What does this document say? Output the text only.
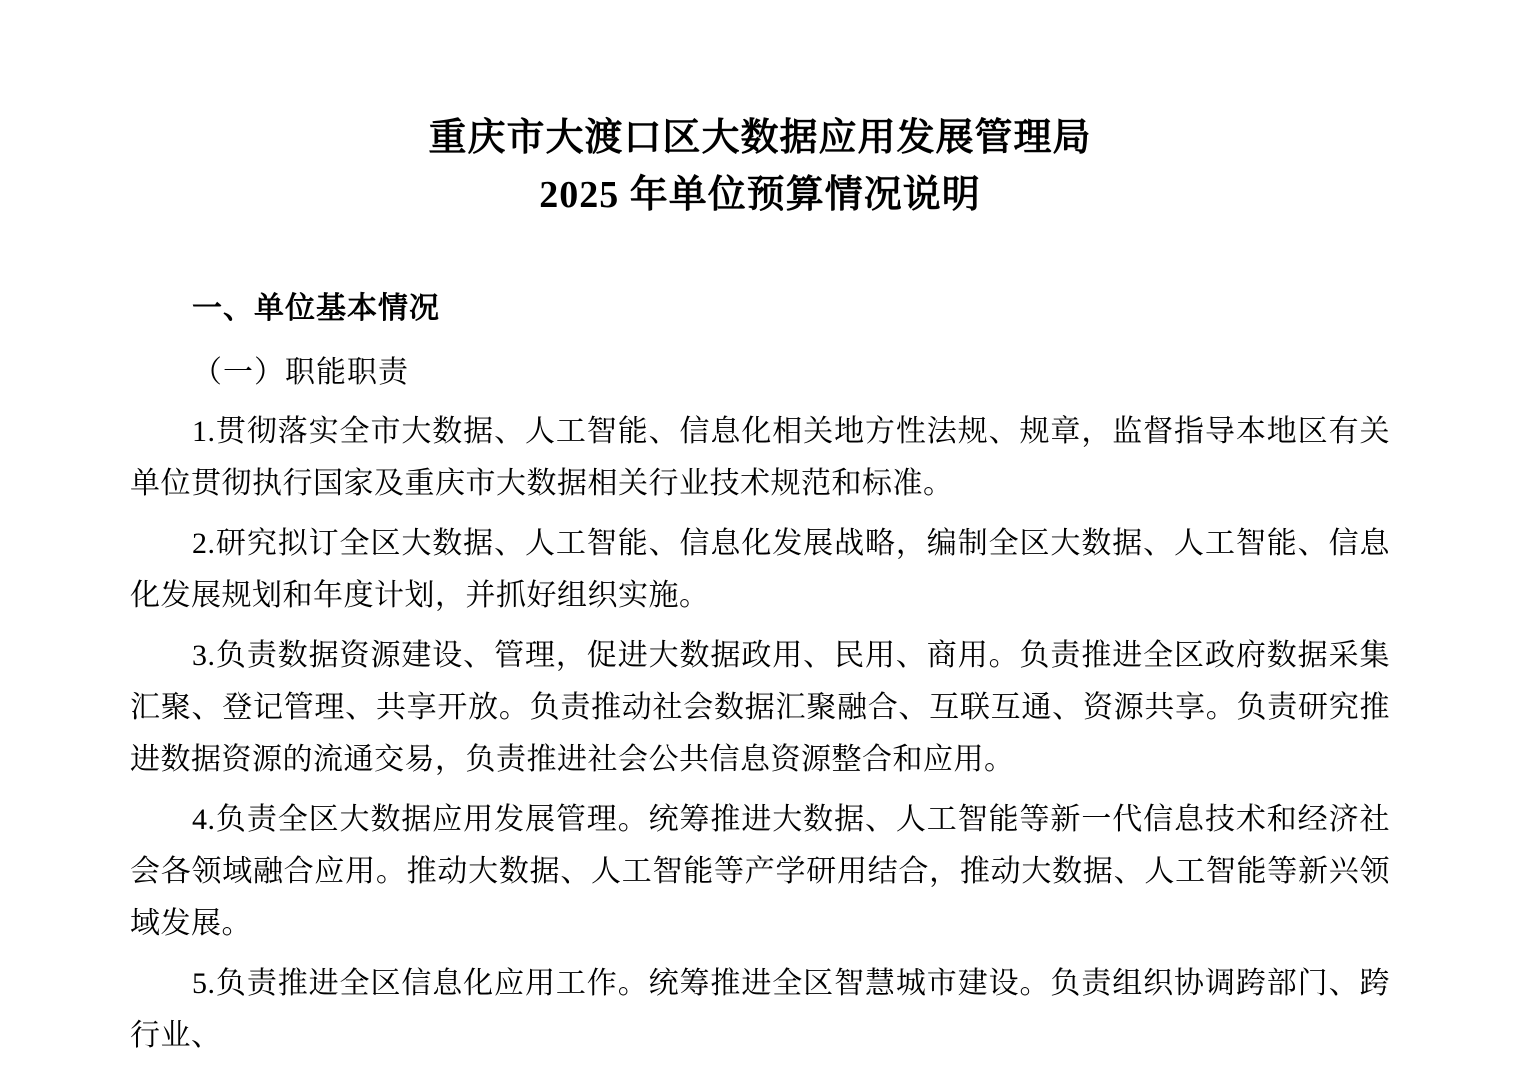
重庆市大渡口区大数据应用发展管理局
2025 年单位预算情况说明
一、单位基本情况
（一）职能职责

1.贯彻落实全市大数据、人工智能、信息化相关地方性法规、规章，监督指导本地区有关单位贯彻执行国家及重庆市大数据相关行业技术规范和标准。

2.研究拟订全区大数据、人工智能、信息化发展战略，编制全区大数据、人工智能、信息化发展规划和年度计划，并抓好组织实施。

3.负责数据资源建设、管理，促进大数据政用、民用、商用。负责推进全区政府数据采集汇聚、登记管理、共享开放。负责推动社会数据汇聚融合、互联互通、资源共享。负责研究推进数据资源的流通交易，负责推进社会公共信息资源整合和应用。

4.负责全区大数据应用发展管理。统筹推进大数据、人工智能等新一代信息技术和经济社会各领域融合应用。推动大数据、人工智能等产学研用结合，推动大数据、人工智能等新兴领域发展。

5.负责推进全区信息化应用工作。统筹推进全区智慧城市建设。负责组织协调跨部门、跨行业、
